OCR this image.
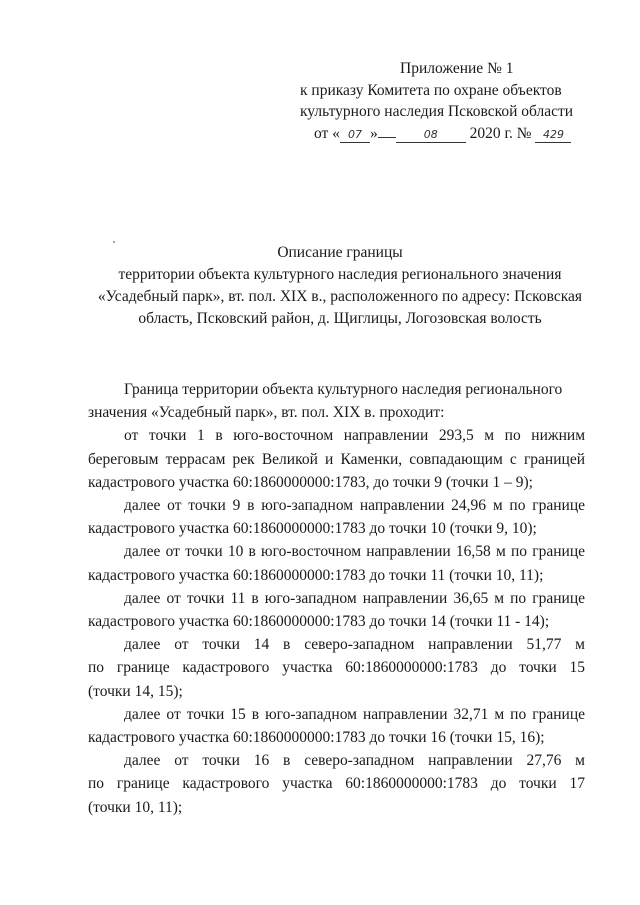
Приложение № 1
к приказу Комитета по охране объектов
культурного наследия Псковской области
от « 07 »	08 2020 г. № 429
Описание границы
территории объекта культурного наследия регионального значения
«Усадебный парк», вт. пол. XIX в., расположенного по адресу: Псковская
область, Псковский район, д. Щиглицы, Логозовская волость
Граница территории объекта культурного наследия регионального
значения «Усадебный парк», вт. пол. XIX в. проходит:
от точки 1 в юго-восточном направлении 293,5 м по нижним
береговым террасам рек Великой и Каменки, совпадающим с границей
кадастрового участка 60:1860000000:1783, до точки 9 (точки 1 – 9);
далее от точки 9 в юго-западном направлении 24,96 м по границе
кадастрового участка 60:1860000000:1783 до точки 10 (точки 9, 10);
далее от точки 10 в юго-восточном направлении 16,58 м по границе
кадастрового участка 60:1860000000:1783 до точки 11 (точки 10, 11);
далее от точки 11 в юго-западном направлении 36,65 м по границе
кадастрового участка 60:1860000000:1783 до точки 14 (точки 11 - 14);
далее от точки 14 в северо-западном направлении 51,77 м
по границе кадастрового участка 60:1860000000:1783 до точки 15
(точки 14, 15);
далее от точки 15 в юго-западном направлении 32,71 м по границе
кадастрового участка 60:1860000000:1783 до точки 16 (точки 15, 16);
далее от точки 16 в северо-западном направлении 27,76 м
по границе кадастрового участка 60:1860000000:1783 до точки 17
(точки 10, 11);
